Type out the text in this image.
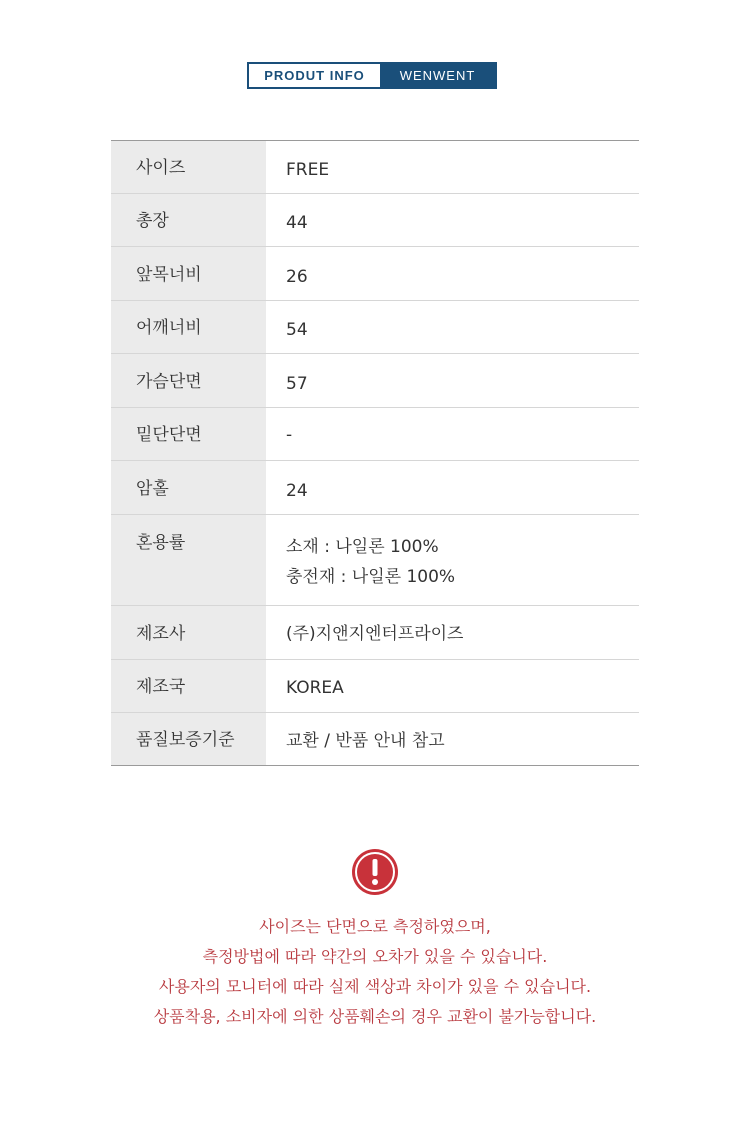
PRODUT INFO	WENWENT
사이즈	FREE
총장	44
앞목너비	26
어깨너비	54
가슴단면	57
밑단단면	-
암홀	24
혼용률	소재 : 나일론 100%
충전재 : 나일론 100%
제조사	(주)지앤지엔터프라이즈
제조국	KOREA
품질보증기준	교환 / 반품 안내 참고

사이즈는 단면으로 측정하였으며,

측정방법에 따라 약간의 오차가 있을 수 있습니다.

사용자의 모니터에 따라 실제 색상과 차이가 있을 수 있습니다.

상품착용, 소비자에 의한 상품훼손의 경우 교환이 불가능합니다.
